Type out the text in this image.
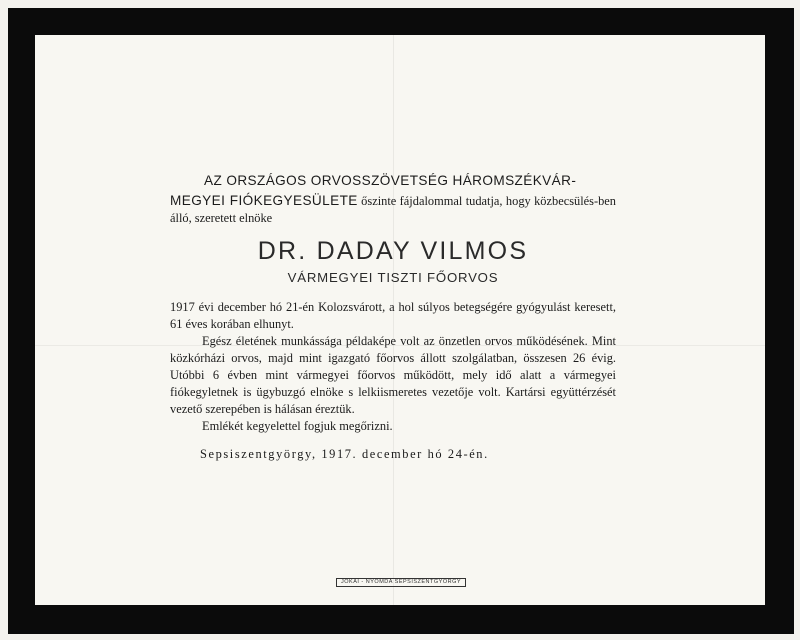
AZ ORSZÁGOS ORVOSSZÖVETSÉG HÁROMSZÉKVÁR-
MEGYEI FIÓKEGYESÜLETE őszinte fájdalommal tudatja, hogy közbecsülés-ben álló, szeretett elnöke

DR. DADAY VILMOS
VÁRMEGYEI TISZTI FŐORVOS

1917 évi december hó 21-én Kolozsvárott, a hol súlyos betegségére gyógyulást keresett, 61 éves korában elhunyt.

Egész életének munkássága példaképe volt az önzetlen orvos működésének. Mint közkórházi orvos, majd mint igazgató főorvos állott szolgálatban, összesen 26 évig. Utóbbi 6 évben mint vármegyei főorvos működött, mely idő alatt a vármegyei fiókegyletnek is ügybuzgó elnöke s lelkiismeretes vezetője volt. Kartársi együttérzését vezető szerepében is hálásan éreztük.

Emlékét kegyelettel fogjuk megőrizni.

Sepsiszentgyörgy, 1917. december hó 24-én.
JÓKAI - NYOMDA SEPSISZENTGYÖRGY
